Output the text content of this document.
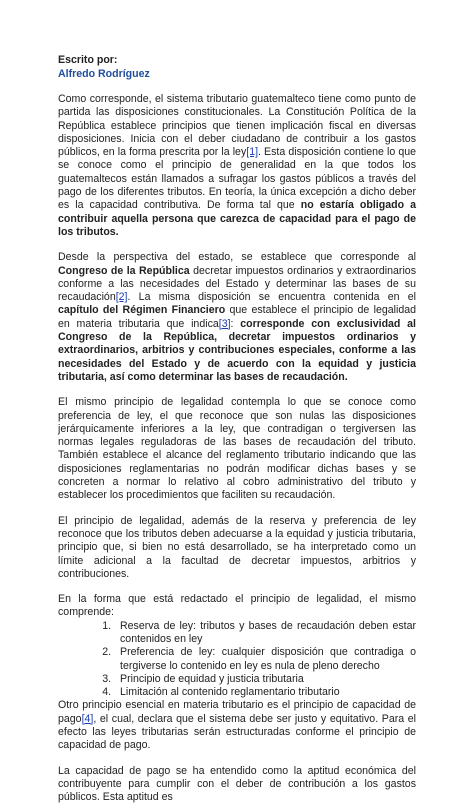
Escrito por:
Alfredo Rodríguez

Como corresponde, el sistema tributario guatemalteco tiene como punto de partida las disposiciones constitucionales. La Constitución Política de la República establece principios que tienen implicación fiscal en diversas disposiciones. Inicia con el deber ciudadano de contribuir a los gastos públicos, en la forma prescrita por la ley[1]. Esta disposición contiene lo que se conoce como el principio de generalidad en la que todos los guatemaltecos están llamados a sufragar los gastos públicos a través del pago de los diferentes tributos. En teoría, la única excepción a dicho deber es la capacidad contributiva. De forma tal que no estaría obligado a contribuir aquella persona que carezca de capacidad para el pago de los tributos.

Desde la perspectiva del estado, se establece que corresponde al Congreso de la República decretar impuestos ordinarios y extraordinarios conforme a las necesidades del Estado y determinar las bases de su recaudación[2]. La misma disposición se encuentra contenida en el capítulo del Régimen Financiero que establece el principio de legalidad en materia tributaria que indica[3]: corresponde con exclusividad al Congreso de la República, decretar impuestos ordinarios y extraordinarios, arbitrios y contribuciones especiales, conforme a las necesidades del Estado y de acuerdo con la equidad y justicia tributaria, así como determinar las bases de recaudación.

El mismo principio de legalidad contempla lo que se conoce como preferencia de ley, el que reconoce que son nulas las disposiciones jerárquicamente inferiores a la ley, que contradigan o tergiversen las normas legales reguladoras de las bases de recaudación del tributo. También establece el alcance del reglamento tributario indicando que las disposiciones reglamentarias no podrán modificar dichas bases y se concreten a normar lo relativo al cobro administrativo del tributo y establecer los procedimientos que faciliten su recaudación.

El principio de legalidad, además de la reserva y preferencia de ley reconoce que los tributos deben adecuarse a la equidad y justicia tributaria, principio que, si bien no está desarrollado, se ha interpretado como un límite adicional a la facultad de decretar impuestos, arbitrios y contribuciones.

En la forma que está redactado el principio de legalidad, el mismo comprende:

1. Reserva de ley: tributos y bases de recaudación deben estar contenidos en ley
2. Preferencia de ley: cualquier disposición que contradiga o tergiverse lo contenido en ley es nula de pleno derecho
3. Principio de equidad y justicia tributaria
4. Limitación al contenido reglamentario tributario

Otro principio esencial en materia tributario es el principio de capacidad de pago[4], el cual, declara que el sistema debe ser justo y equitativo. Para el efecto las leyes tributarias serán estructuradas conforme el principio de capacidad de pago.

La capacidad de pago se ha entendido como la aptitud económica del contribuyente para cumplir con el deber de contribución a los gastos públicos. Esta aptitud es
